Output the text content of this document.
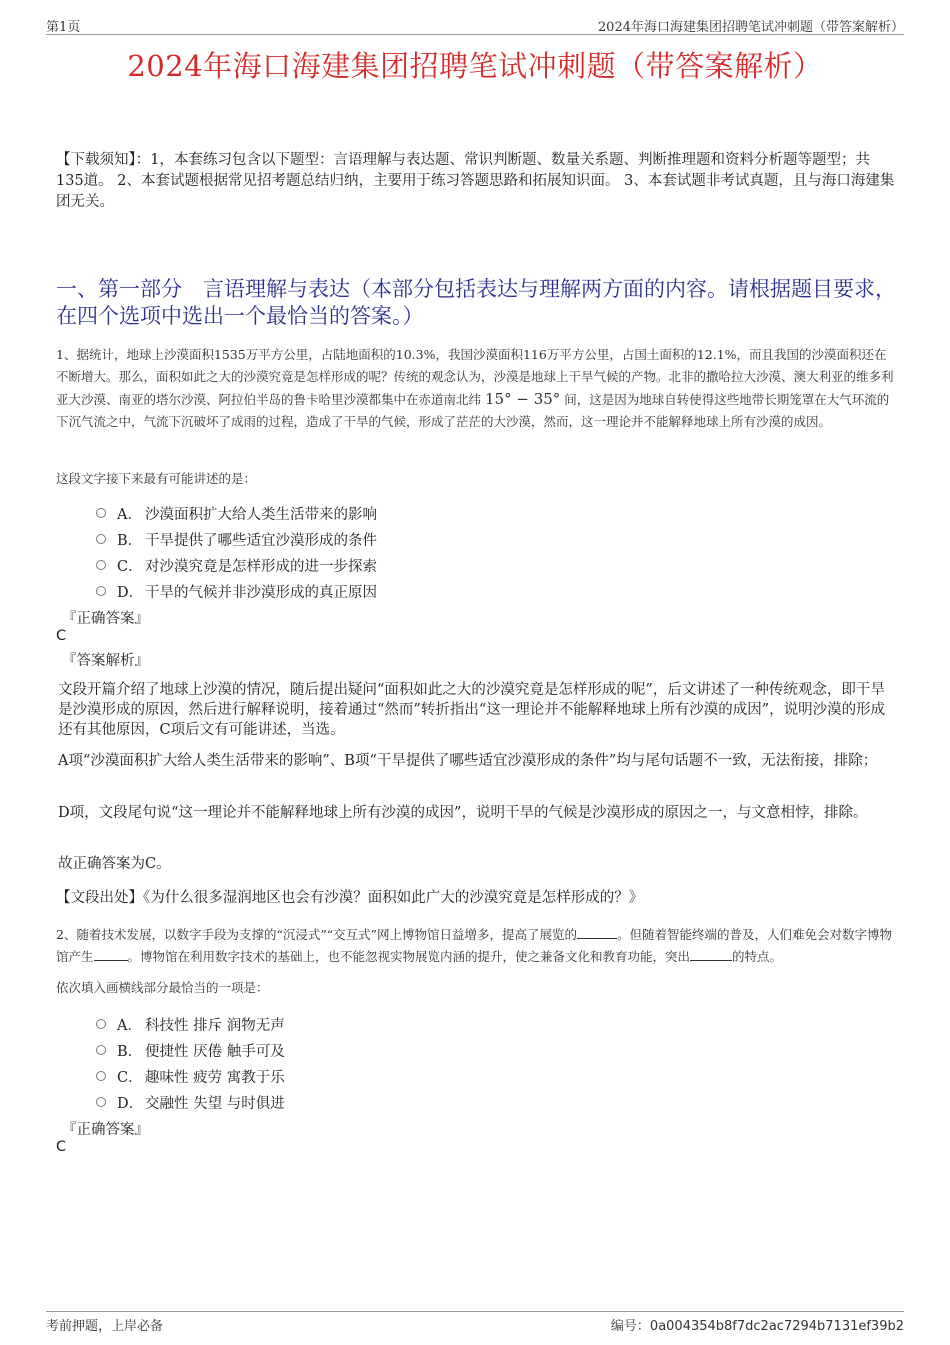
第1页	2024年海口海建集团招聘笔试冲刺题（带答案解析）
2024年海口海建集团招聘笔试冲刺题（带答案解析）
【下载须知】：1，本套练习包含以下题型：言语理解与表达题、常识判断题、数量关系题、判断推理题和资料分析题等题型；共135道。 2、本套试题根据常见招考题总结归纳，主要用于练习答题思路和拓展知识面。 3、本套试题非考试真题，且与海口海建集团无关。
一、第一部分　言语理解与表达（本部分包括表达与理解两方面的内容。请根据题目要求，在四个选项中选出一个最恰当的答案。）
1、据统计，地球上沙漠面积1535万平方公里，占陆地面积的10.3%，我国沙漠面积116万平方公里，占国土面积的12.1%，而且我国的沙漠面积还在不断增大。那么，面积如此之大的沙漠究竟是怎样形成的呢？传统的观念认为，沙漠是地球上干旱气候的产物。北非的撒哈拉大沙漠、澳大利亚的维多利亚大沙漠、南亚的塔尔沙漠、阿拉伯半岛的鲁卡哈里沙漠都集中在赤道南北纬 15° − 35° 间，这是因为地球自转使得这些地带长期笼罩在大气环流的下沉气流之中，气流下沉破坏了成雨的过程，造成了干旱的气候，形成了茫茫的大沙漠，然而，这一理论并不能解释地球上所有沙漠的成因。
这段文字接下来最有可能讲述的是：
A． 沙漠面积扩大给人类生活带来的影响
B． 干旱提供了哪些适宜沙漠形成的条件
C． 对沙漠究竟是怎样形成的进一步探索
D． 干旱的气候并非沙漠形成的真正原因
『正确答案』
C
『答案解析』
文段开篇介绍了地球上沙漠的情况，随后提出疑问“面积如此之大的沙漠究竟是怎样形成的呢”，后文讲述了一种传统观念，即干旱是沙漠形成的原因，然后进行解释说明，接着通过“然而”转折指出“这一理论并不能解释地球上所有沙漠的成因”，说明沙漠的形成还有其他原因，C项后文有可能讲述，当选。
A项“沙漠面积扩大给人类生活带来的影响”、B项“干旱提供了哪些适宜沙漠形成的条件”均与尾句话题不一致，无法衔接，排除；
D项，文段尾句说“这一理论并不能解释地球上所有沙漠的成因”，说明干旱的气候是沙漠形成的原因之一，与文意相悖，排除。
故正确答案为C。
【文段出处】《为什么很多湿润地区也会有沙漠？面积如此广大的沙漠究竟是怎样形成的？》
2、随着技术发展，以数字手段为支撑的“沉浸式”“交互式”网上博物馆日益增多，提高了展览的	。但随着智能终端的普及，人们难免会对数字博物馆产生	。博物馆在利用数字技术的基础上，也不能忽视实物展览内涵的提升，使之兼备文化和教育功能，突出	的特点。
依次填入画横线部分最恰当的一项是：
A． 科技性 排斥 润物无声
B． 便捷性 厌倦 触手可及
C． 趣味性 疲劳 寓教于乐
D． 交融性 失望 与时俱进
『正确答案』
C
考前押题，上岸必备	编号：0a004354b8f7dc2ac7294b7131ef39b2
